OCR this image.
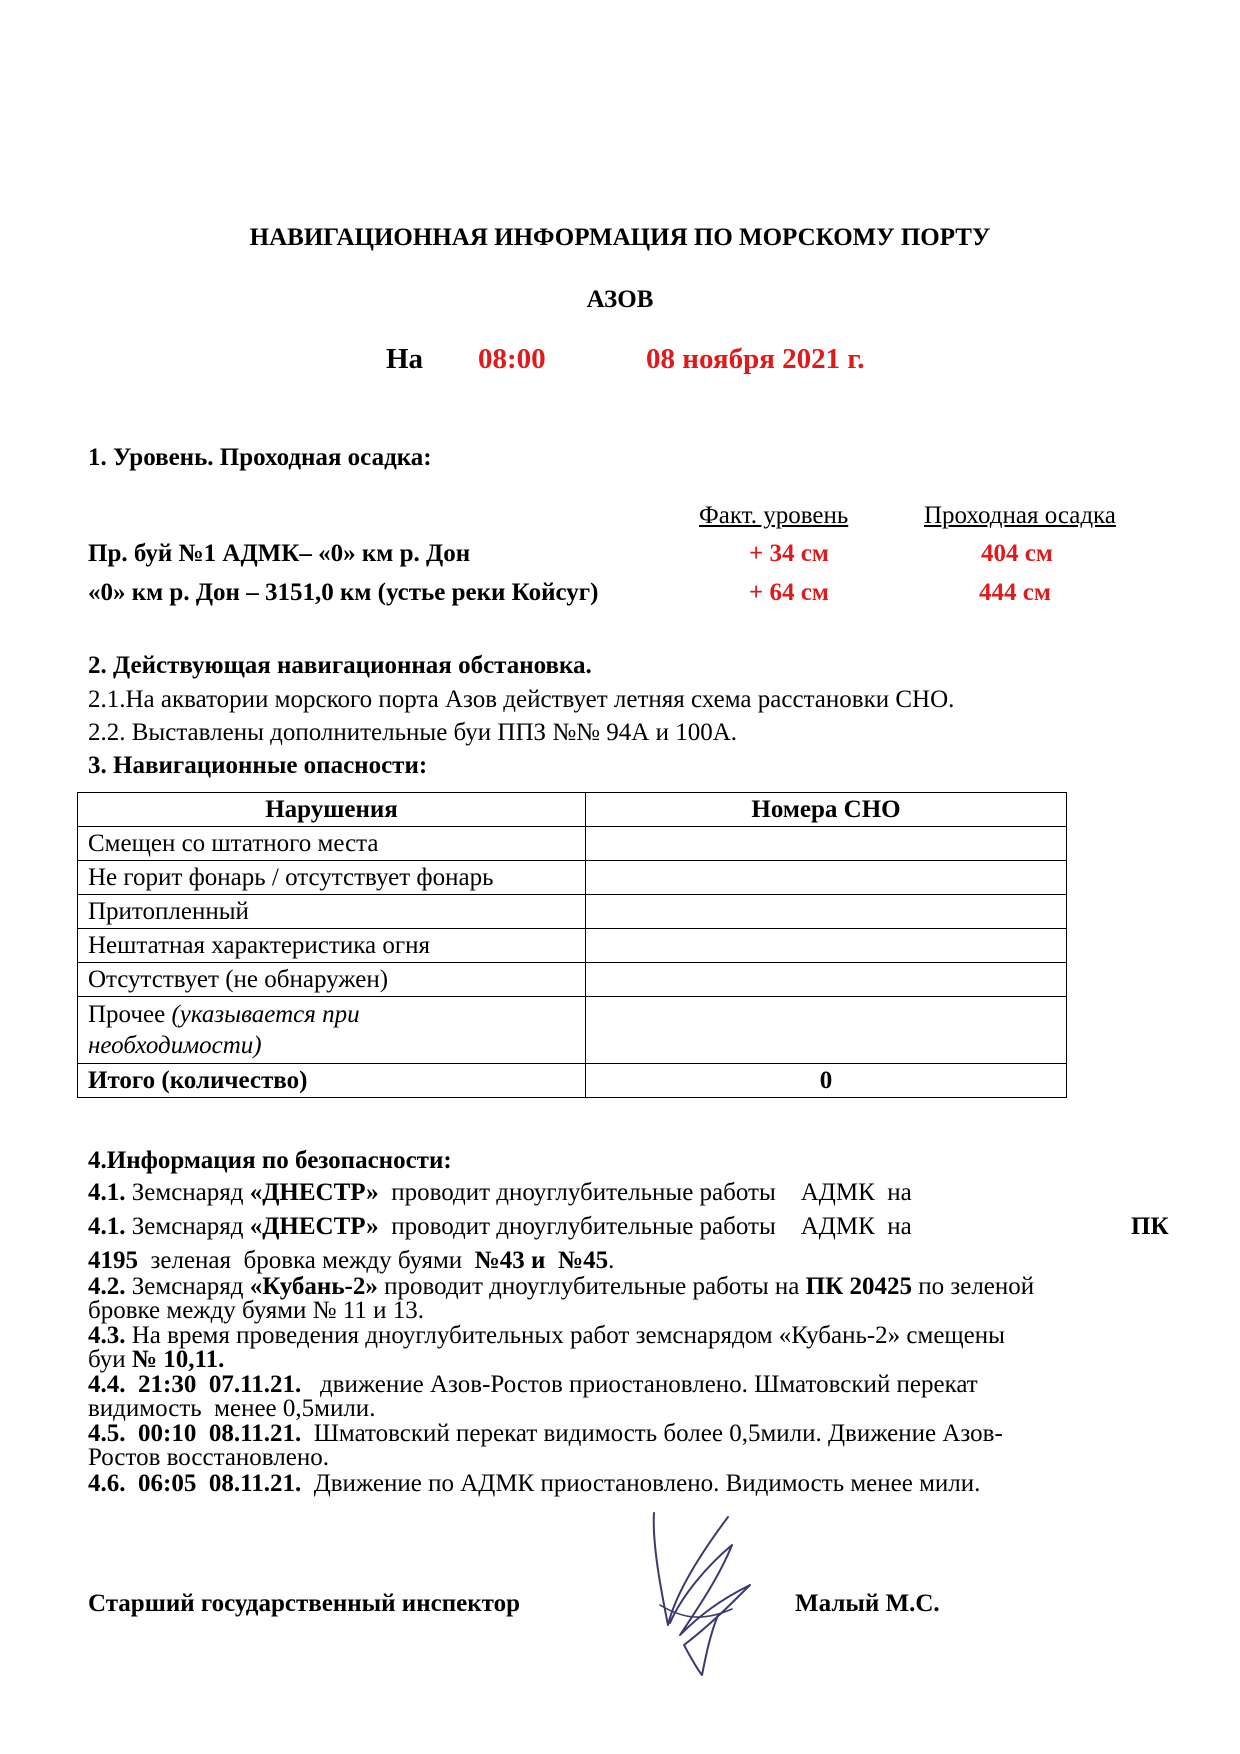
НАВИГАЦИОННАЯ ИНФОРМАЦИЯ ПО МОРСКОМУ ПОРТУ
АЗОВ
На 08:00	08 ноября 2021 г.
1. Уровень. Проходная осадка:
Факт. уровень	Проходная осадка
Пр. буй №1 АДМК– «0» км р. Дон	+ 34 см	404 см
«0» км р. Дон – 3151,0 км (устье реки Койсуг)	+ 64 см	444 см
2. Действующая навигационная обстановка.
2.1.На акватории морского порта Азов действует летняя схема расстановки СНО.
2.2. Выставлены дополнительные буи ППЗ №№ 94А и 100А.
3. Навигационные опасности:
Нарушения	Номера СНО
Смещен со штатного места	
Не горит фонарь / отсутствует фонарь	
Притопленный	
Нештатная характеристика огня	
Отсутствует (не обнаружен)	
Прочее (указывается при
необходимости)	
Итого (количество)	0
4.Информация по безопасности:
4.1. Земснаряд «ДНЕСТР»  проводит дноуглубительные работы    АДМК  на
4.1. Земснаряд «ДНЕСТР»  проводит дноуглубительные работы    АДМК  на	ПК
4195  зеленая  бровка между буями  №43 и  №45.
4.2. Земснаряд «Кубань-2» проводит дноуглубительные работы на ПК 20425 по зеленой
бровке между буями № 11 и 13.
4.3. На время проведения дноуглубительных работ земснарядом «Кубань-2» смещены
буи № 10,11.
4.4.  21:30  07.11.21.   движение Азов-Ростов приостановлено. Шматовский перекат
видимость  менее 0,5мили.
4.5.  00:10  08.11.21.  Шматовский перекат видимость более 0,5мили. Движение Азов-
Ростов восстановлено.
4.6.  06:05  08.11.21.  Движение по АДМК приостановлено. Видимость менее мили.
Старший государственный инспектор	Малый М.С.
